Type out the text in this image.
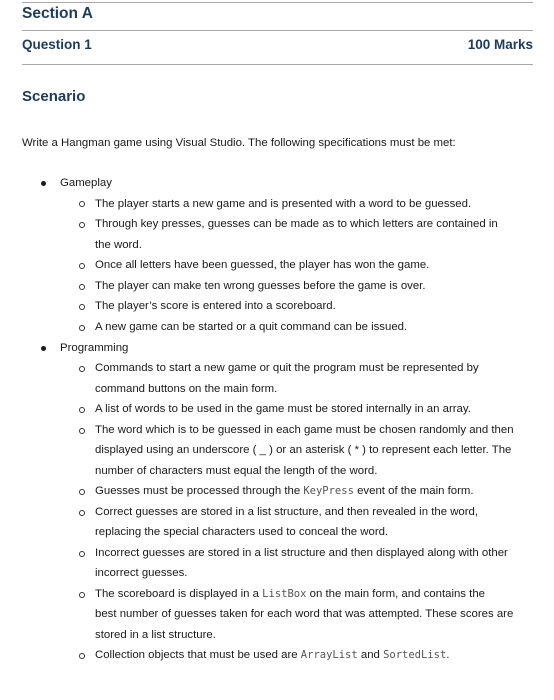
Section A
Question 1	100 Marks
Scenario
Write a Hangman game using Visual Studio. The following specifications must be met:
Gameplay
The player starts a new game and is presented with a word to be guessed.
Through key presses, guesses can be made as to which letters are contained in
the word.
Once all letters have been guessed, the player has won the game.
The player can make ten wrong guesses before the game is over.
The player’s score is entered into a scoreboard.
A new game can be started or a quit command can be issued.
Programming
Commands to start a new game or quit the program must be represented by
command buttons on the main form.
A list of words to be used in the game must be stored internally in an array.
The word which is to be guessed in each game must be chosen randomly and then
displayed using an underscore ( _ ) or an asterisk ( * ) to represent each letter. The
number of characters must equal the length of the word.
Guesses must be processed through the KeyPress event of the main form.
Correct guesses are stored in a list structure, and then revealed in the word,
replacing the special characters used to conceal the word.
Incorrect guesses are stored in a list structure and then displayed along with other
incorrect guesses.
The scoreboard is displayed in a ListBox on the main form, and contains the
best number of guesses taken for each word that was attempted. These scores are
stored in a list structure.
Collection objects that must be used are ArrayList and SortedList.
